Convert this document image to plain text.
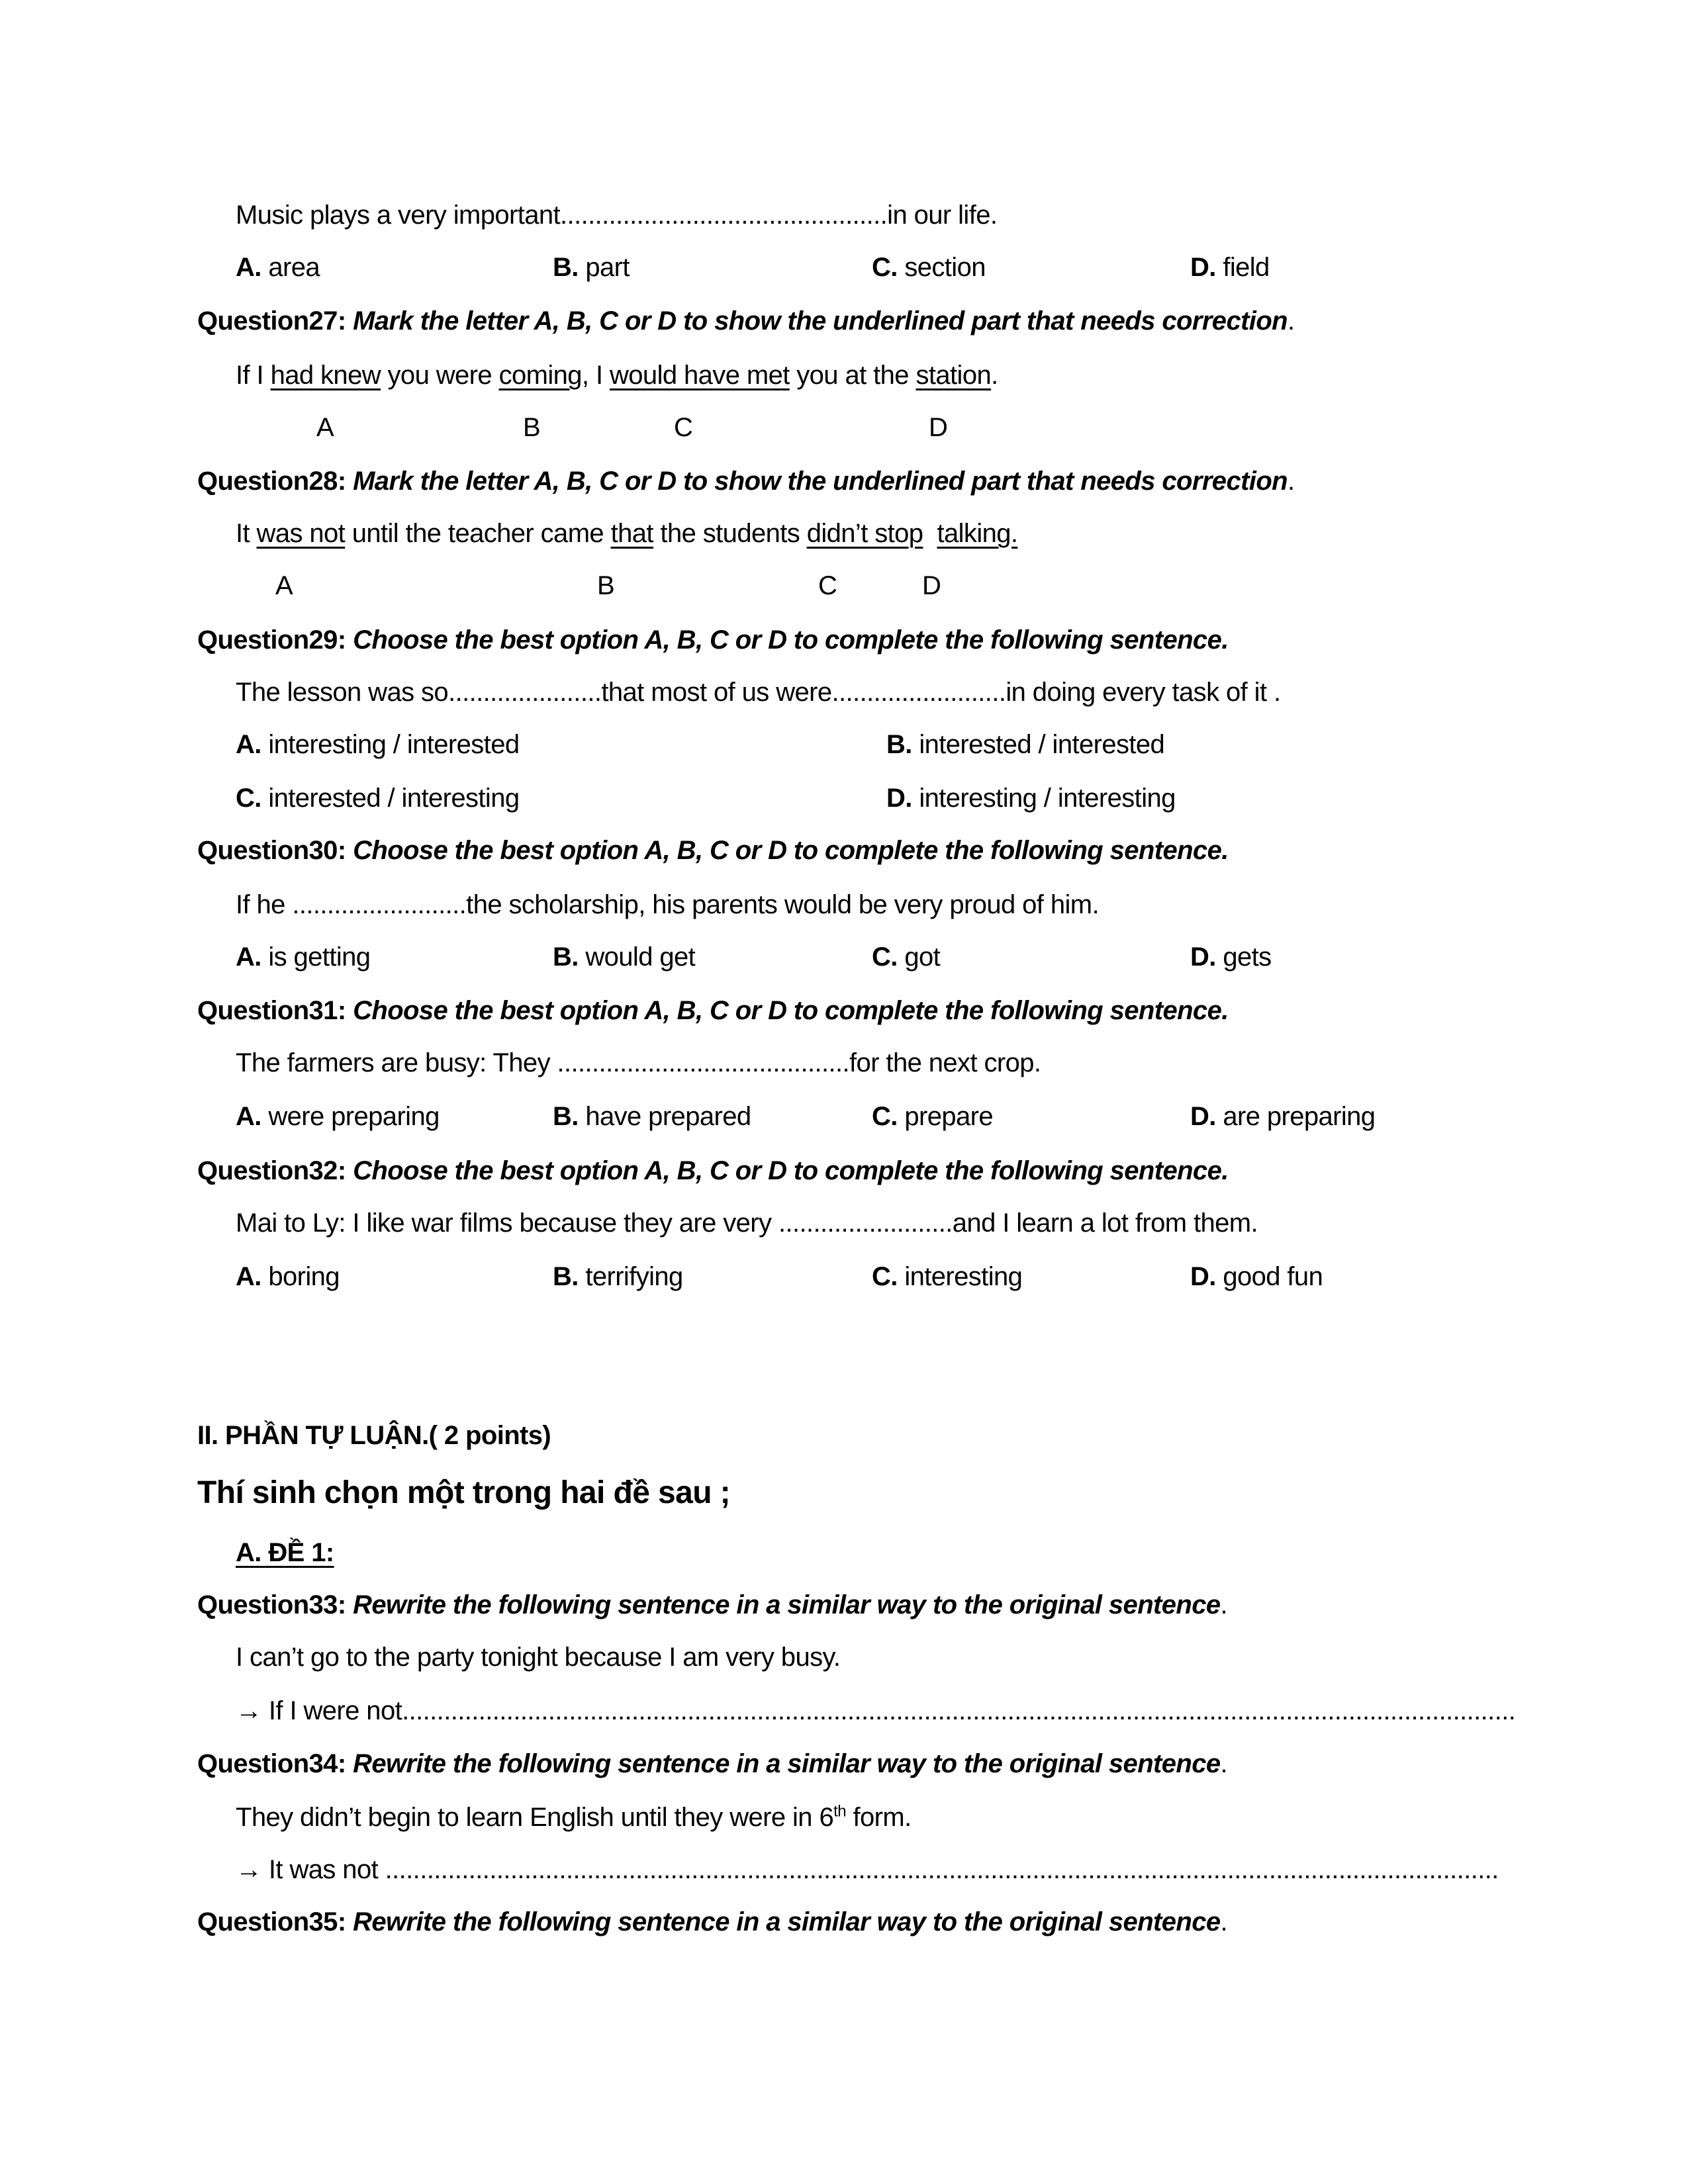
Music plays a very important...............................................in our life.
A. area	B. part	C. section	D. field
Question27: Mark the letter A, B, C or D to show the underlined part that needs correction.
If I had knew you were coming, I would have met you at the station.
A	B	C	D
Question28: Mark the letter A, B, C or D to show the underlined part that needs correction.
It was not until the teacher came that the students didn’t stop talking.
A	B	C	D
Question29: Choose the best option A, B, C or D to complete the following sentence.
The lesson was so......................that most of us were.........................in doing every task of it .
A. interesting / interested	B. interested / interested
C. interested / interesting	D. interesting / interesting
Question30: Choose the best option A, B, C or D to complete the following sentence.
If he .........................the scholarship, his parents would be very proud of him.
A. is getting	B. would get	C. got	D. gets
Question31: Choose the best option A, B, C or D to complete the following sentence.
The farmers are busy: They ..........................................for the next crop.
A. were preparing	B. have prepared	C. prepare	D. are preparing
Question32: Choose the best option A, B, C or D to complete the following sentence.
Mai to Ly: I like war films because they are very .........................and I learn a lot from them.
A. boring	B. terrifying	C. interesting	D. good fun
II. PHẦN TỰ LUẬN.( 2 points)
Thí sinh chọn một trong hai đề sau ;
A. ĐỀ 1:
Question33: Rewrite the following sentence in a similar way to the original sentence.
I can’t go to the party tonight because I am very busy.
→ If I were not................................................................................................................................................................
Question34: Rewrite the following sentence in a similar way to the original sentence.
They didn’t begin to learn English until they were in 6th form.
→ It was not ................................................................................................................................................................
Question35: Rewrite the following sentence in a similar way to the original sentence.
